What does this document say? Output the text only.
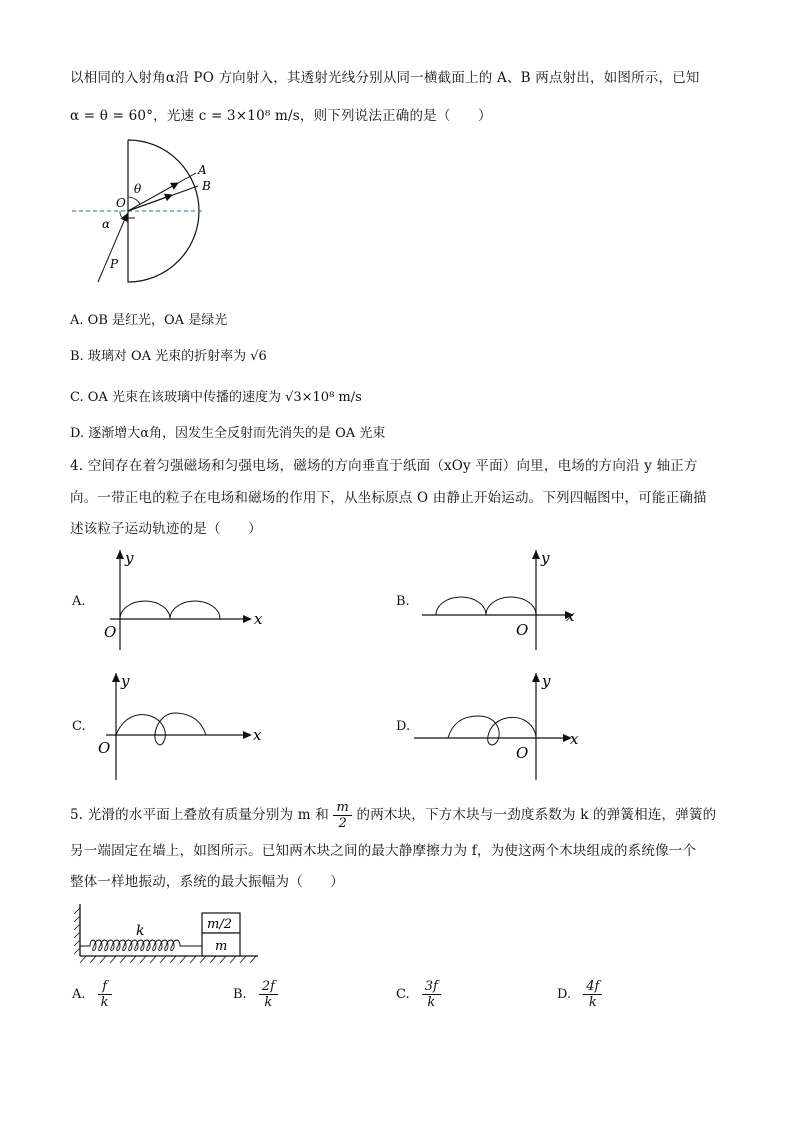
以相同的入射角α沿 PO 方向射入，其透射光线分别从同一横截面上的 A、B 两点射出，如图所示，已知
α = θ = 60°，光速 c = 3×10⁸ m/s，则下列说法正确的是（　　）
A
B
O
θ
α
P
A. OB 是红光，OA 是绿光
B. 玻璃对 OA 光束的折射率为 √6
C. OA 光束在该玻璃中传播的速度为 √3×10⁸ m/s
D. 逐渐增大α角，因发生全反射而先消失的是 OA 光束
4. 空间存在着匀强磁场和匀强电场，磁场的方向垂直于纸面（xOy 平面）向里，电场的方向沿 y 轴正方
向。一带正电的粒子在电场和磁场的作用下，从坐标原点 O 由静止开始运动。下列四幅图中，可能正确描
述该粒子运动轨迹的是（　　）
A.
y
x
O
B.
y
x
O
C.
y
x
O
D.
y
x
O
5. 光滑的水平面上叠放有质量分别为 m 和 $\frac{m}{2}$ 的两木块，下方木块与一劲度系数为 k 的弹簧相连，弹簧的
另一端固定在墙上，如图所示。已知两木块之间的最大静摩擦力为 f，为使这两个木块组成的系统像一个
整体一样地振动，系统的最大振幅为（　　）
k	m/2
m
A. $\frac{f}{k}$	B. $\frac{2f}{k}$	C. $\frac{3f}{k}$	D. $\frac{4f}{k}$
